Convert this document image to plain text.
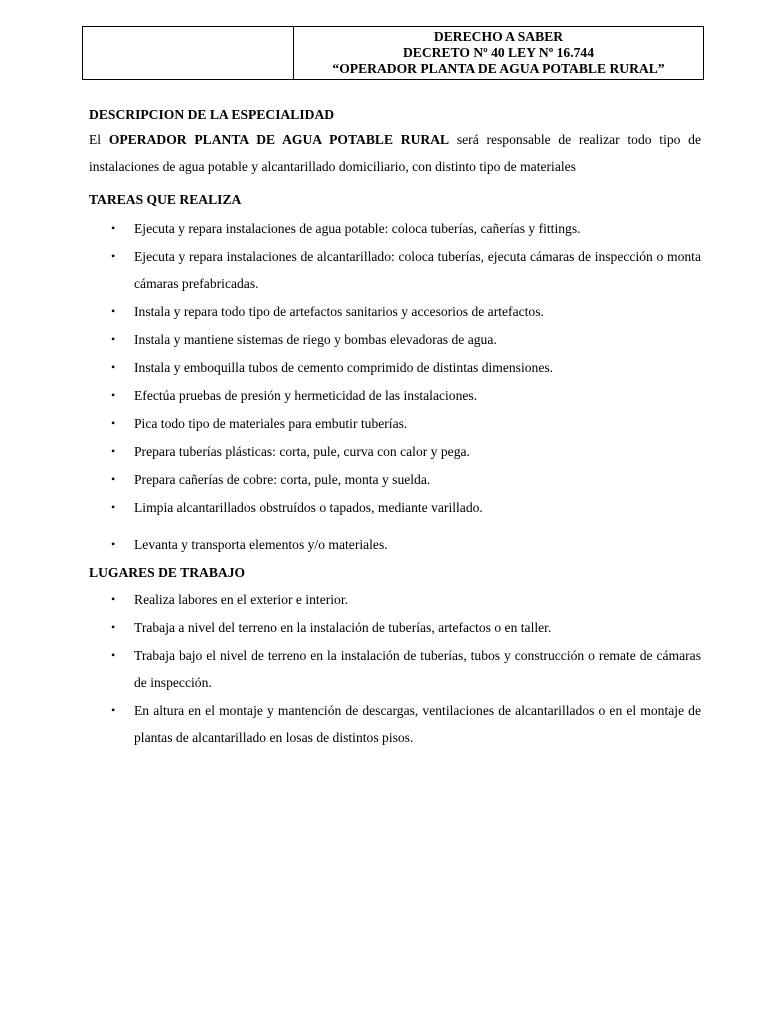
DERECHO A SABER
DECRETO Nº 40 LEY Nº 16.744
“OPERADOR PLANTA DE AGUA POTABLE RURAL”
DESCRIPCION DE LA ESPECIALIDAD

El OPERADOR PLANTA DE AGUA POTABLE RURAL será responsable de realizar todo tipo de instalaciones de agua potable y alcantarillado domiciliario, con distinto tipo de materiales

TAREAS QUE REALIZA
• Ejecuta y repara instalaciones de agua potable: coloca tuberías, cañerías y fittings.
• Ejecuta y repara instalaciones de alcantarillado: coloca tuberías, ejecuta cámaras de inspección o monta cámaras prefabricadas.
• Instala y repara todo tipo de artefactos sanitarios y accesorios de artefactos.
• Instala y mantiene sistemas de riego y bombas elevadoras de agua.
• Instala y emboquilla tubos de cemento comprimido de distintas dimensiones.
• Efectúa pruebas de presión y hermeticidad de las instalaciones.
• Pica todo tipo de materiales para embutir tuberías.
• Prepara tuberías plásticas: corta, pule, curva con calor y pega.
• Prepara cañerías de cobre: corta, pule, monta y suelda.
• Limpia alcantarillados obstruídos o tapados, mediante varillado.
• Levanta y transporta elementos y/o materiales.
LUGARES DE TRABAJO
• Realiza labores en el exterior e interior.
• Trabaja a nivel del terreno en la instalación de tuberías, artefactos o en taller.
• Trabaja bajo el nivel de terreno en la instalación de tuberías, tubos y construcción o remate de cámaras de inspección.
• En altura en el montaje y mantención de descargas, ventilaciones de alcantarillados o en el montaje de plantas de alcantarillado en losas de distintos pisos.
